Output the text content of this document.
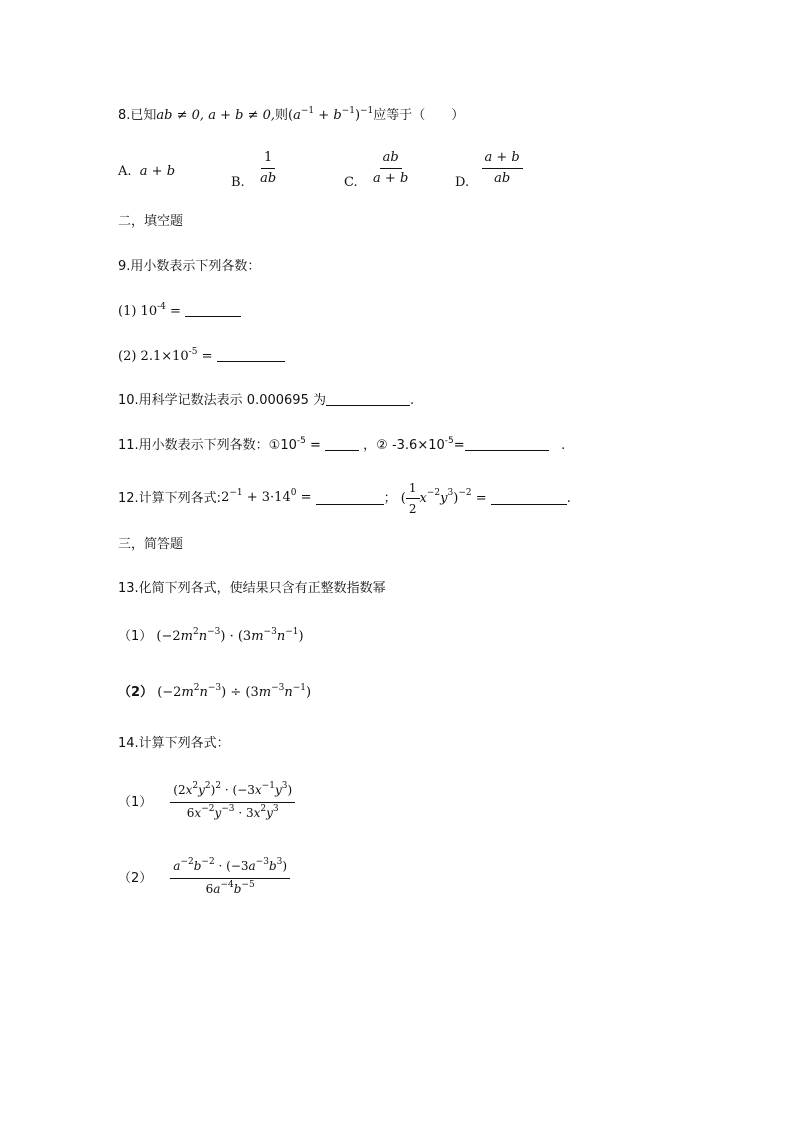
8.已知ab ≠ 0, a + b ≠ 0,则$(a^{-1} + b^{-1})^{-1}$应等于（　　）
A. a + b
B. $\frac{1}{ab}$	C. $\frac{ab}{a + b}$	D. $\frac{a + b}{ab}$
二，填空题
9.用小数表示下列各数：
(1) $10^{-4}$ =
(2) $2.1\times 10^{-5}$ =
10.用科学记数法表示 0.000695 为	.
11.用小数表示下列各数：$①10^{-5}$ =	，② $-3.6\times 10^{-5}=$	.
12.计算下列各式: $2^{-1} + 3\cdot 14^0$ =	； ( $\frac{1}{2} x^{-2}$ $y^3$ )$^{-2}$ =	.
三，简答题
13.化简下列各式，使结果只含有正整数指数幂
（1） $(-2m^2n^{-3}) \cdot (3m^{-3}n^{-1})$
（2） $(-2m^2n^{-3}) \div (3m^{-3}n^{-1})$
14.计算下列各式：
$(1) \frac{(2x^2y^2)^2 \cdot (-3x^{-1}y^3)}{6x^{-2}y^{-3} \cdot 3x^2y^3}$
$(2) \frac{a^{-2}b^{-2} \cdot (-3a^{-3}b^3)}{6a^{-4}b^{-5}}$
